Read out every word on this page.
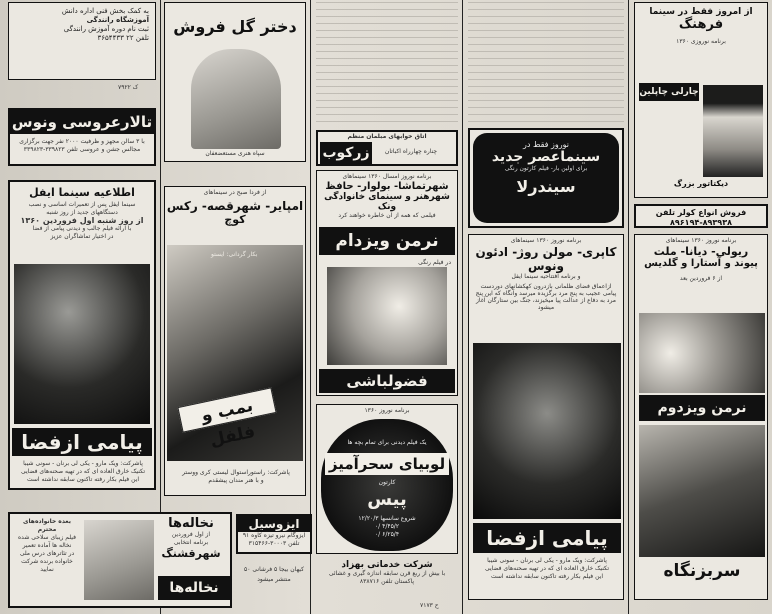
به کمک بخش فنی اداره دانش
آموزشگاه رانندگی
ثبت نام دوره آموزش رانندگی
تلفن ۲۲ ۳۶۵۴۴۳۳
ک ۷۹۲۲
تالارعروسی ونوس
با ۳ سالن مجهز و ظرفیت ۲۰۰۰ نفر جهت برگزاری
مجالس جشن و عروسی تلفن ۳۳۹۸۲۳-۳۳۹۸۲۳
اطلاعیه سینما ایفل
سینما ایفل پس از تعمیرات اساسی و نصب
دستگاههای جدید از روز شنبه
از روز شنبه اول فروردین ۱۳۶۰
با ارائه فیلم جالب و دیدنی پیامی از فضا
در اختیار تماشاگران عزیز
پیامی ازفضا
پاشرکت: ویک مارو - یکی لی برنان - سونی شیبا
تکنیک خارق العاده ای که در تهیه صحنه‌های فضایی
این فیلم بکار رفته تاکنون سابقه نداشته است
نخاله‌ها
از اول فروردین
برنامه انتخابی
شهرقشنگ
بعده خانواده‌های محترم
فیلم زیبای سلاحی شده
نخاله ها آماده تعمیر
در تئاترهای درس ملی
خانواده برنده شرکت نمایید
نخاله‌ها
دختر گل فروش
سپاه هنری مستعضعفان
از فردا صبح در سینماهای
امپایر- شهرقصه- رکس
کوچ
بکار گردانی: ایستو
بمب و فلفل
پاشرکت: راستوراستوال لیستی کری ووستر
و با هنر مندان پیشقدم
ایزوسیل
ایزوگام نیرو تیزه کاوه ۹۱
تلفن ۳۰۰۰۳-۳۱۵۴۶۶
کیهان بیجا ۵ فرشانی ۵۰
منتشر میشود
اتاق خوابهای مبلمان منظم
زرکوب	چناره چهارراه اکباتان
برنامه نوروز امسال ۱۳۶۰ سینماهای
شهرتماشا- بولوار- حافظ
شهرهنر و سینمای خانوادگی ونک
فیلمی که همه از آن خاطره خواهند کرد
نرمن ویزدام
در فیلم رنگی
فضولباشی
برنامه نوروز ۱۳۶۰
یک فیلم دیدنی برای تمام بچه ها
لوبیای سحرآمیز
کارتون
پیس
شروع سانسها ۱۲/۲۰/۳
۴/۴۵/۲ /۰
۶/۲۵/۴ /۰
شرکت خدماتی بهزاد
با بیش از ربع قرن سابقه اندازه گیری و غشائی
پاکستان تلفن ۸۳۸۷۱۶
ح ۷۱۷۳
نوروز فقط در
سینماعصر جدید
برای اولین بار- فیلم کارتون رنگی
سیندرلا
برنامه نوروز ۱۳۶۰ سینماهای
کاپری- مولن روژ- ادئون
ونوس
و برنامه افتتاحیه سینما ایفل
ازاعماق فضای ظلمانی بازدرون کهکشانهای دوردست پیامی عجیب به پنج مرد برگزیده میرسد وآنگاه که این پنج مرد به دفاع از عدالت پیا میخیزند، جنگ بین ستارگان آغاز میشود
پیامی ازفضا
پاشرکت: ویک مارو - یکی لی برنان - سونی شیبا
تکنیک خارق العاده ای که در تهیه صحنه‌های فضایی
این فیلم بکار رفته تاکنون سابقه نداشته است
از امروز فقط در سینما
فرهنگ
برنامه نوروزی ۱۳۶۰
چارلی چاپلین
دیکتاتور بزرگ
فروش انواع کولر تلفن ۸۹۳۹۳۸-۸۹۶۱۹۴
برنامه نوروز ۱۳۶۰ سینماهای
ریولی- دیانا- ملت
پیوند و آستارا و گلدیس
از ۶ فروردین بعد
نرمن ویزدوم
سربزنگاه
